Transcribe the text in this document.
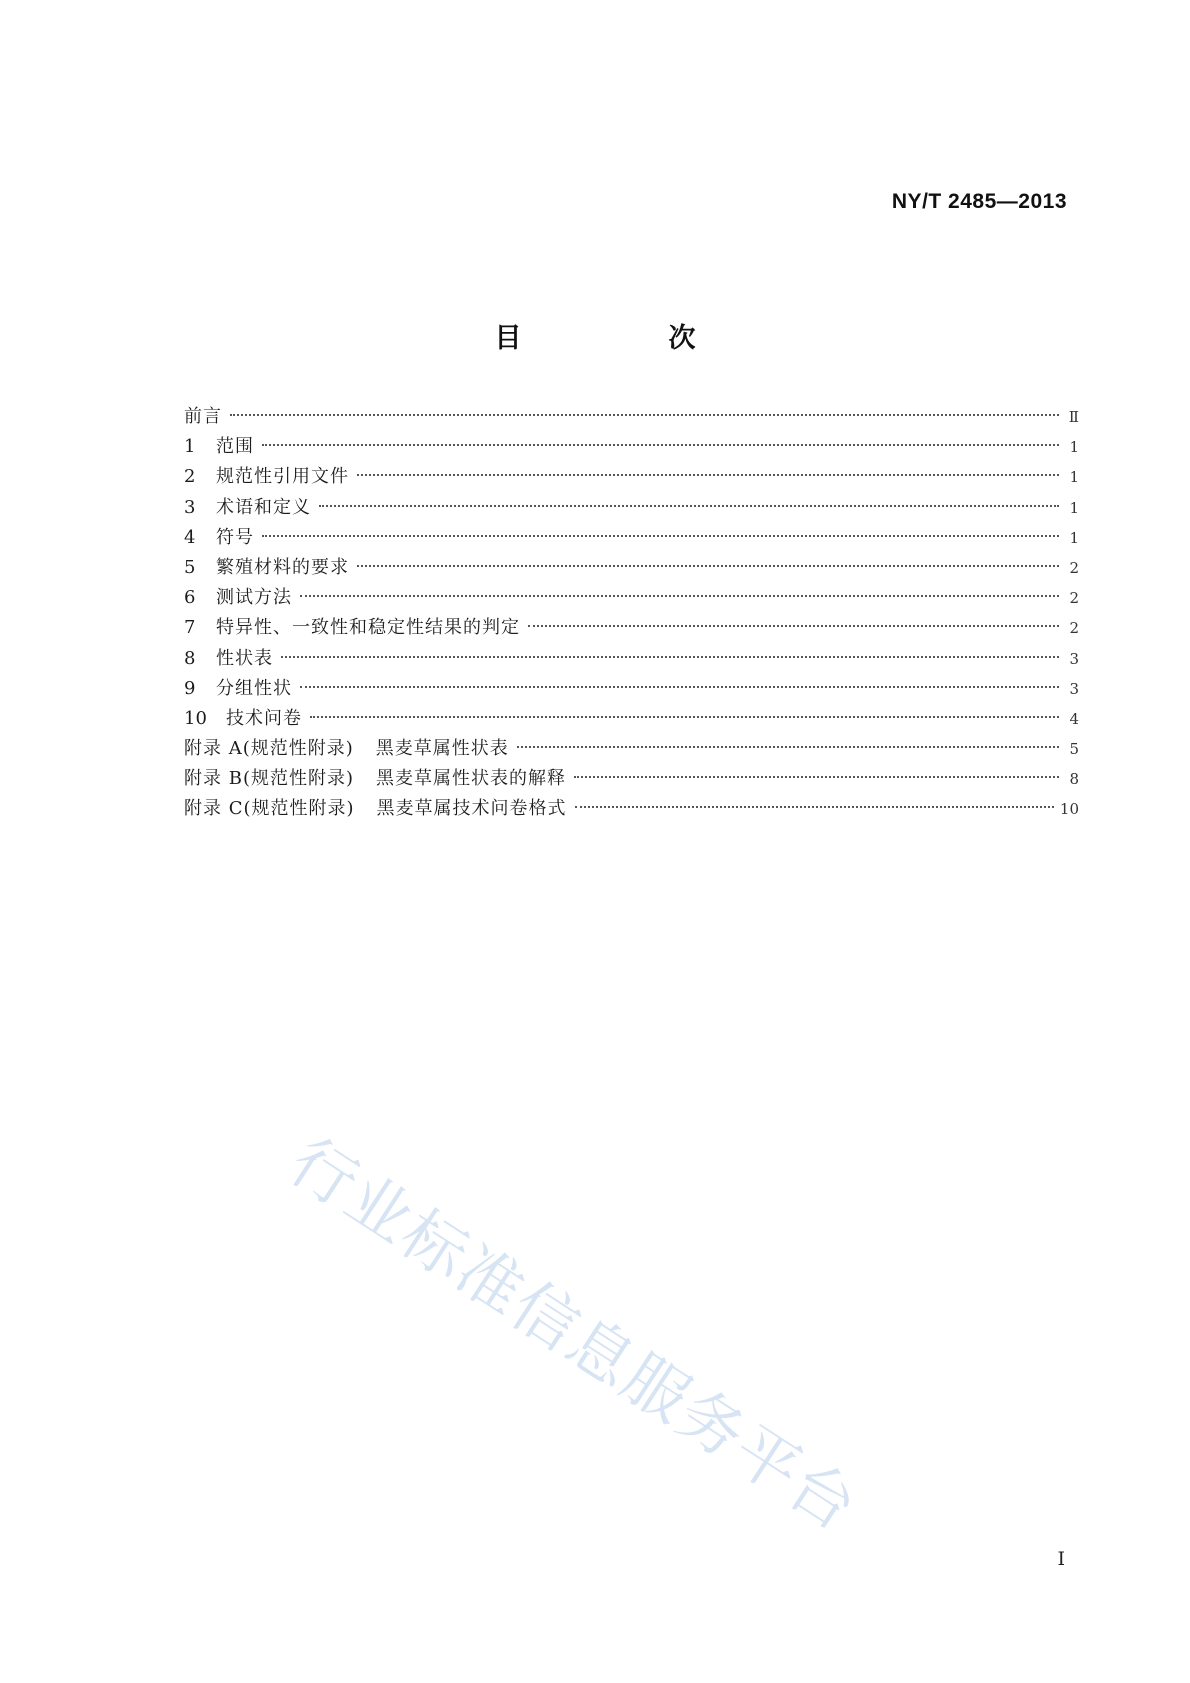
NY/T 2485—2013
目　次
前言	Ⅱ
1	范围	1
2	规范性引用文件	1
3	术语和定义	1
4	符号	1
5	繁殖材料的要求	2
6	测试方法	2
7	特异性、一致性和稳定性结果的判定	2
8	性状表	3
9	分组性状	3
10	技术问卷	4
附录 A(规范性附录) 黑麦草属性状表	5
附录 B(规范性附录) 黑麦草属性状表的解释	8
附录 C(规范性附录) 黑麦草属技术问卷格式	10
行业标准信息服务平台
I
